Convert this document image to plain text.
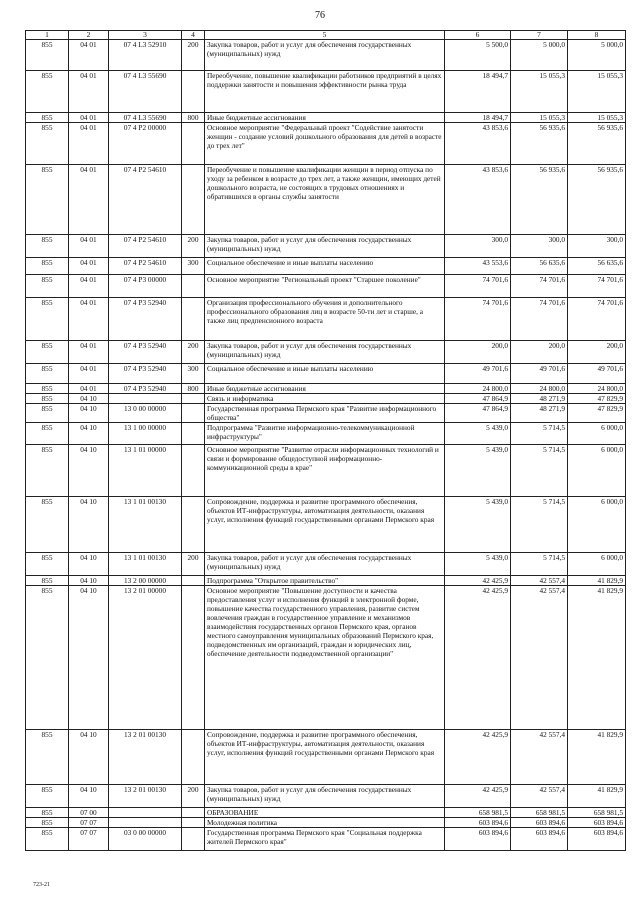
76
1	2	3	4	5	6	7	8
855	04 01	07 4 L3 52910	200	Закупка товаров, работ и услуг для обеспечения государственных (муниципальных) нужд	5 500,0	5 000,0	5 000,0
855	04 01	07 4 L3 55690		Переобучение, повышение квалификации работников предприятий в целях поддержки занятости и повышения эффективности рынка труда	18 494,7	15 055,3	15 055,3
855	04 01	07 4 L3 55690	800	Иные бюджетные ассигнования	18 494,7	15 055,3	15 055,3
855	04 01	07 4 P2 00000		Основное мероприятие "Федеральный проект "Содействие занятости женщин - создание условий дошкольного образования для детей в возрасте до трех лет"	43 853,6	56 935,6	56 935,6
855	04 01	07 4 P2 54610		Переобучение и повышение квалификации женщин в период отпуска по уходу за ребенком в возрасте до трех лет, а также женщин, имеющих детей дошкольного возраста, не состоящих в трудовых отношениях и обратившихся в органы службы занятости	43 853,6	56 935,6	56 935,6
855	04 01	07 4 P2 54610	200	Закупка товаров, работ и услуг для обеспечения государственных (муниципальных) нужд	300,0	300,0	300,0
855	04 01	07 4 P2 54610	300	Социальное обеспечение и иные выплаты населению	43 553,6	56 635,6	56 635,6
855	04 01	07 4 P3 00000		Основное мероприятие "Региональный проект "Старшее поколение"	74 701,6	74 701,6	74 701,6
855	04 01	07 4 P3 52940		Организация профессионального обучения и дополнительного профессионального образования лиц в возрасте 50-ти лет и старше, а также лиц предпенсионного возраста	74 701,6	74 701,6	74 701,6
855	04 01	07 4 P3 52940	200	Закупка товаров, работ и услуг для обеспечения государственных (муниципальных) нужд	200,0	200,0	200,0
855	04 01	07 4 P3 52940	300	Социальное обеспечение и иные выплаты населению	49 701,6	49 701,6	49 701,6
855	04 01	07 4 P3 52940	800	Иные бюджетные ассигнования	24 800,0	24 800,0	24 800,0
855	04 10			Связь и информатика	47 864,9	48 271,9	47 829,9
855	04 10	13 0 00 00000		Государственная программа Пермского края "Развитие информационного общества"	47 864,9	48 271,9	47 829,9
855	04 10	13 1 00 00000		Подпрограмма "Развитие информационно-телекоммуникационной инфраструктуры"	5 439,0	5 714,5	6 000,0
855	04 10	13 1 01 00000		Основное мероприятие "Развитие отрасли информационных технологий и связи и формирование общедоступной информационно-коммуникационной среды в крае"	5 439,0	5 714,5	6 000,0
855	04 10	13 1 01 00130		Сопровождение, поддержка и развитие программного обеспечения, объектов ИТ-инфраструктуры, автоматизация деятельности, оказания услуг, исполнения функций государственными органами Пермского края	5 439,0	5 714,5	6 000,0
855	04 10	13 1 01 00130	200	Закупка товаров, работ и услуг для обеспечения государственных (муниципальных) нужд	5 439,0	5 714,5	6 000,0
855	04 10	13 2 00 00000		Подпрограмма "Открытое правительство"	42 425,9	42 557,4	41 829,9
855	04 10	13 2 01 00000		Основное мероприятие "Повышение доступности и качества предоставления услуг и исполнения функций в электронной форме, повышение качества государственного управления, развитие систем вовлечения граждан в государственное управление и механизмов взаимодействия государственных органов Пермского края, органов местного самоуправления муниципальных образований Пермского края, подведомственных им организаций, граждан и юридических лиц, обеспечение деятельности подведомственной организации"	42 425,9	42 557,4	41 829,9
855	04 10	13 2 01 00130		Сопровождение, поддержка и развитие программного обеспечения, объектов ИТ-инфраструктуры, автоматизация деятельности, оказания услуг, исполнения функций государственными органами Пермского края	42 425,9	42 557,4	41 829,9
855	04 10	13 2 01 00130	200	Закупка товаров, работ и услуг для обеспечения государственных (муниципальных) нужд	42 425,9	42 557,4	41 829,9
855	07 00			ОБРАЗОВАНИЕ	658 981,5	658 981,5	658 981,5
855	07 07			Молодежная политика	603 894,6	603 894,6	603 894,6
855	07 07	03 0 00 00000		Государственная программа Пермского края "Социальная поддержка жителей Пермского края"	603 894,6	603 894,6	603 894,6
723-21
